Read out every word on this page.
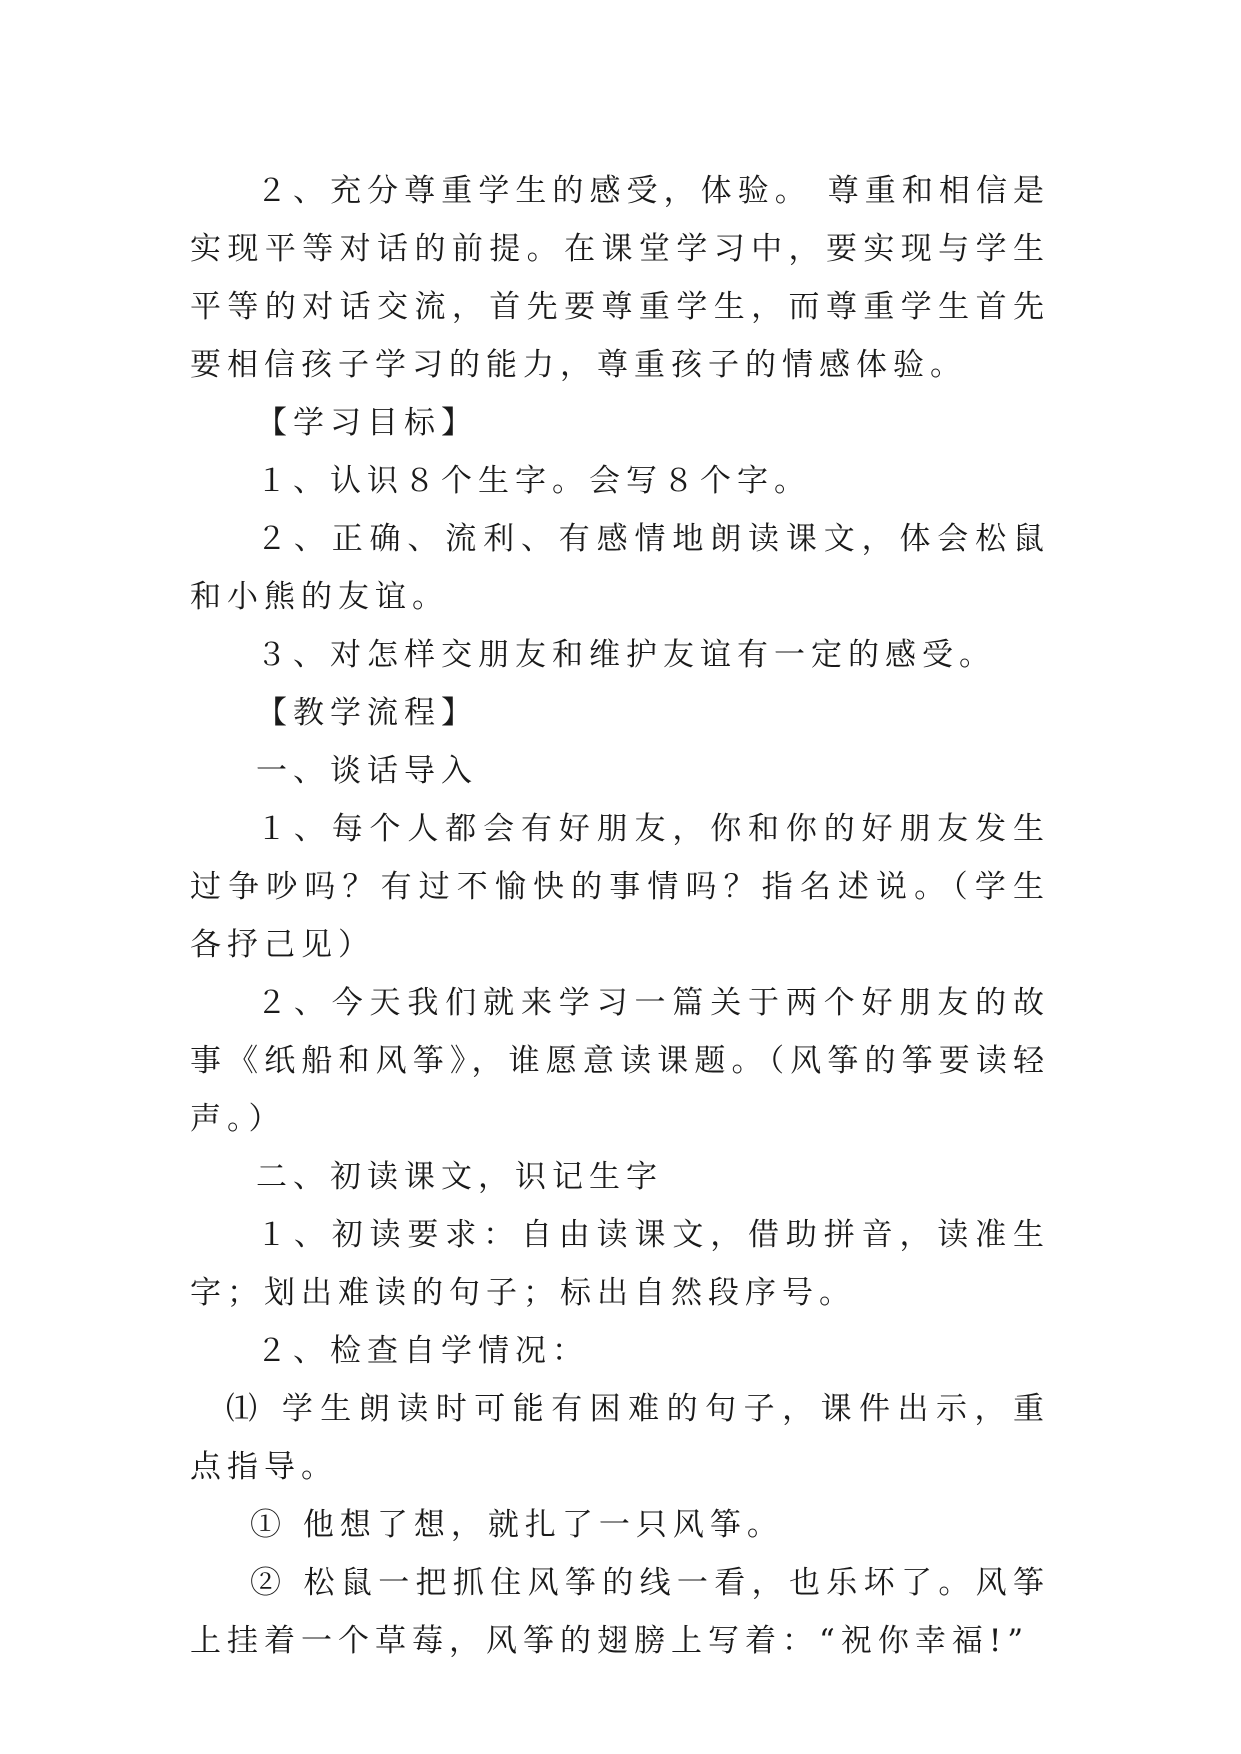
２、充分尊重学生的感受，体验。 尊重和相信是实现平等对话的前提。在课堂学习中，要实现与学生平等的对话交流，首先要尊重学生，而尊重学生首先要相信孩子学习的能力，尊重孩子的情感体验。

【学习目标】

１、认识８个生字。会写８个字。

２、正确、流利、有感情地朗读课文，体会松鼠和小熊的友谊。

３、对怎样交朋友和维护友谊有一定的感受。

【教学流程】

一、谈话导入

１、每个人都会有好朋友，你和你的好朋友发生过争吵吗？有过不愉快的事情吗？指名述说。（学生各抒己见）

２、今天我们就来学习一篇关于两个好朋友的故事《纸船和风筝》，谁愿意读课题。（风筝的筝要读轻声。）

二、初读课文，识记生字

１、初读要求：自由读课文，借助拼音，读准生字；划出难读的句子；标出自然段序号。

２、检查自学情况：

⑴ 学生朗读时可能有困难的句子，课件出示，重点指导。

① 他想了想，就扎了一只风筝。

② 松鼠一把抓住风筝的线一看，也乐坏了。风筝上挂着一个草莓，风筝的翅膀上写着：“祝你幸福!”
